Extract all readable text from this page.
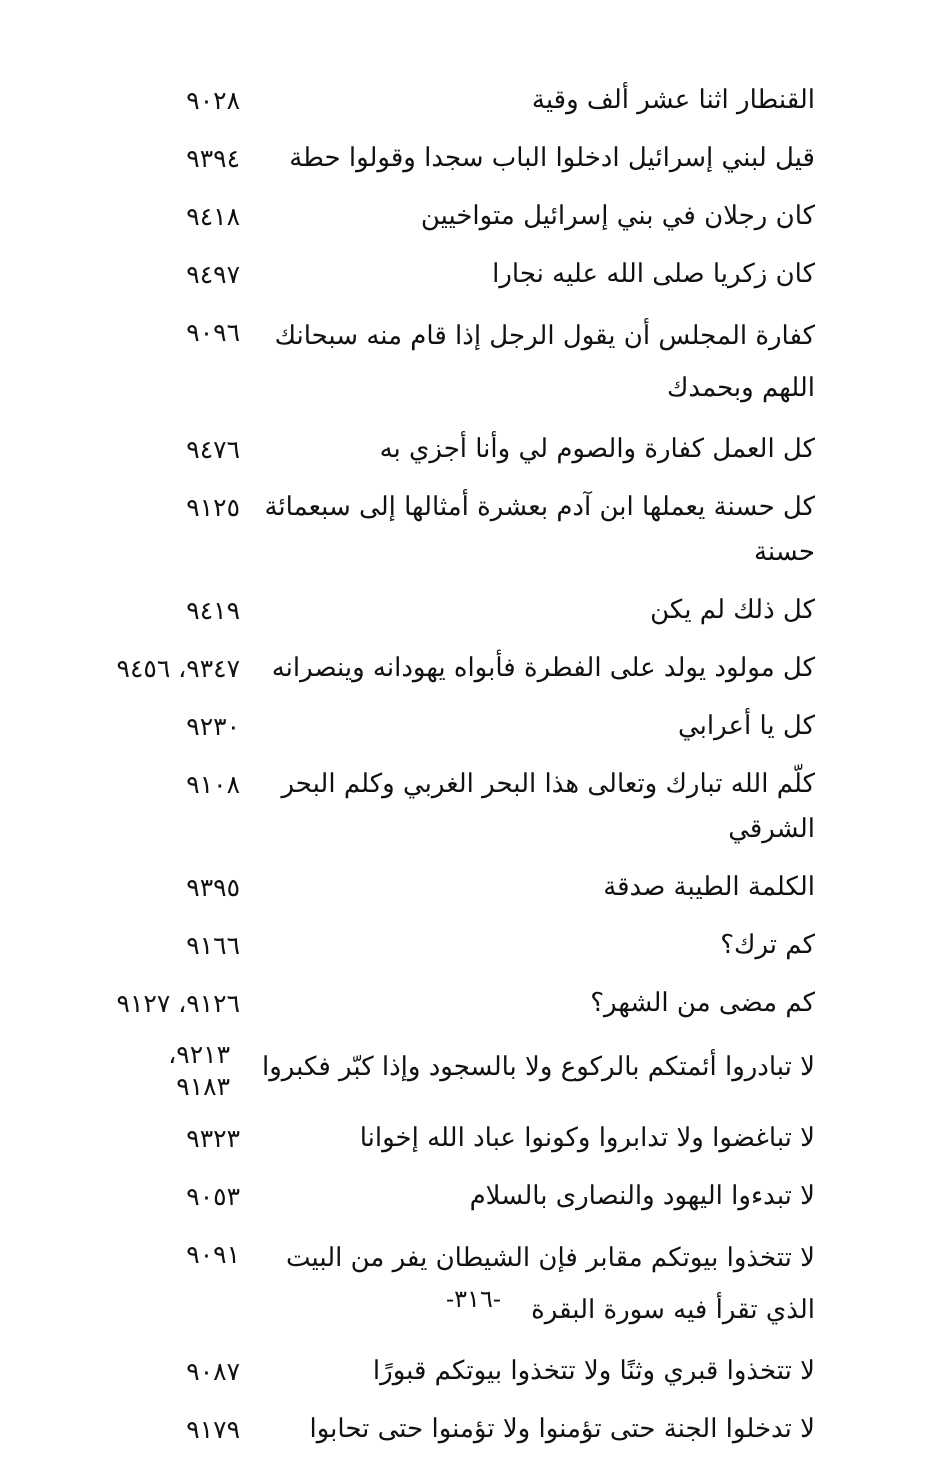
القنطار اثنا عشر ألف وقية
٩٠٢٨
قيل لبني إسرائيل ادخلوا الباب سجدا وقولوا حطة
٩٣٩٤
كان رجلان في بني إسرائيل متواخيين
٩٤١٨
كان زكريا صلى الله عليه نجارا
٩٤٩٧
كفارة المجلس أن يقول الرجل إذا قام منه سبحانك اللهم وبحمدك
٩٠٩٦
كل العمل كفارة والصوم لي وأنا أجزي به
٩٤٧٦
كل حسنة يعملها ابن آدم بعشرة أمثالها إلى سبعمائة حسنة
٩١٢٥
كل ذلك لم يكن
٩٤١٩
كل مولود يولد على الفطرة فأبواه يهودانه وينصرانه
٩٣٤٧، ٩٤٥٦
كل يا أعرابي
٩٢٣٠
كلّم الله تبارك وتعالى هذا البحر الغربي وكلم البحر الشرقي
٩١٠٨
الكلمة الطيبة صدقة
٩٣٩٥
كم ترك؟
٩١٦٦
كم مضى من الشهر؟
٩١٢٦، ٩١٢٧
لا تبادروا أئمتكم بالركوع ولا بالسجود وإذا كبّر فكبروا
٩٢١٣، ٩١٨٣
لا تباغضوا ولا تدابروا وكونوا عباد الله إخوانا
٩٣٢٣
لا تبدءوا اليهود والنصارى بالسلام
٩٠٥٣
لا تتخذوا بيوتكم مقابر فإن الشيطان يفر من البيت الذي تقرأ فيه سورة البقرة
٩٠٩١
لا تتخذوا قبري وثنًا ولا تتخذوا بيوتكم قبورًا
٩٠٨٧
لا تدخلوا الجنة حتى تؤمنوا ولا تؤمنوا حتى تحابوا
٩١٧٩
-٣١٦-
